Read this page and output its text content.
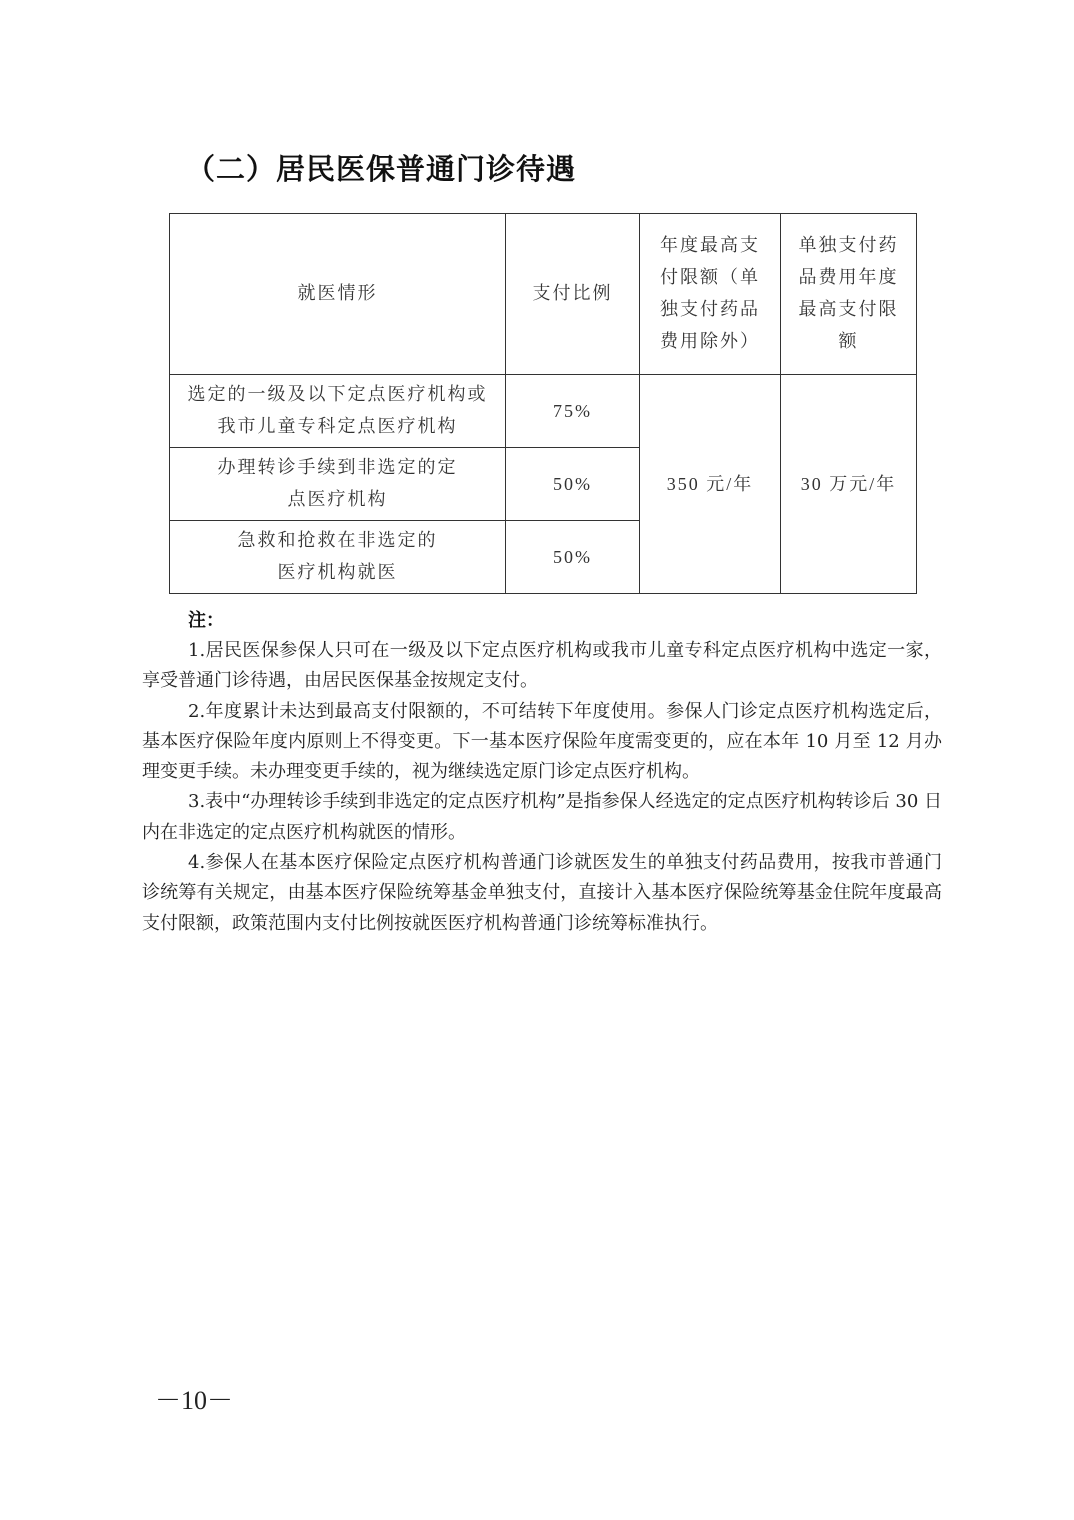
（二）居民医保普通门诊待遇
就医情形	支付比例	年度最高支付限额（单独支付药品费用除外）	单独支付药品费用年度最高支付限额
选定的一级及以下定点医疗机构或我市儿童专科定点医疗机构	75%	350 元/年	30 万元/年
办理转诊手续到非选定的定点医疗机构	50%		
急救和抢救在非选定的医疗机构就医	50%		
注：

1.居民医保参保人只可在一级及以下定点医疗机构或我市儿童专科定点医疗机构中选定一家，享受普通门诊待遇，由居民医保基金按规定支付。

2.年度累计未达到最高支付限额的，不可结转下年度使用。参保人门诊定点医疗机构选定后，基本医疗保险年度内原则上不得变更。下一基本医疗保险年度需变更的，应在本年 10 月至 12 月办理变更手续。未办理变更手续的，视为继续选定原门诊定点医疗机构。

3.表中“办理转诊手续到非选定的定点医疗机构”是指参保人经选定的定点医疗机构转诊后 30 日内在非选定的定点医疗机构就医的情形。

4.参保人在基本医疗保险定点医疗机构普通门诊就医发生的单独支付药品费用，按我市普通门诊统筹有关规定，由基本医疗保险统筹基金单独支付，直接计入基本医疗保险统筹基金住院年度最高支付限额，政策范围内支付比例按就医医疗机构普通门诊统筹标准执行。

－10－
